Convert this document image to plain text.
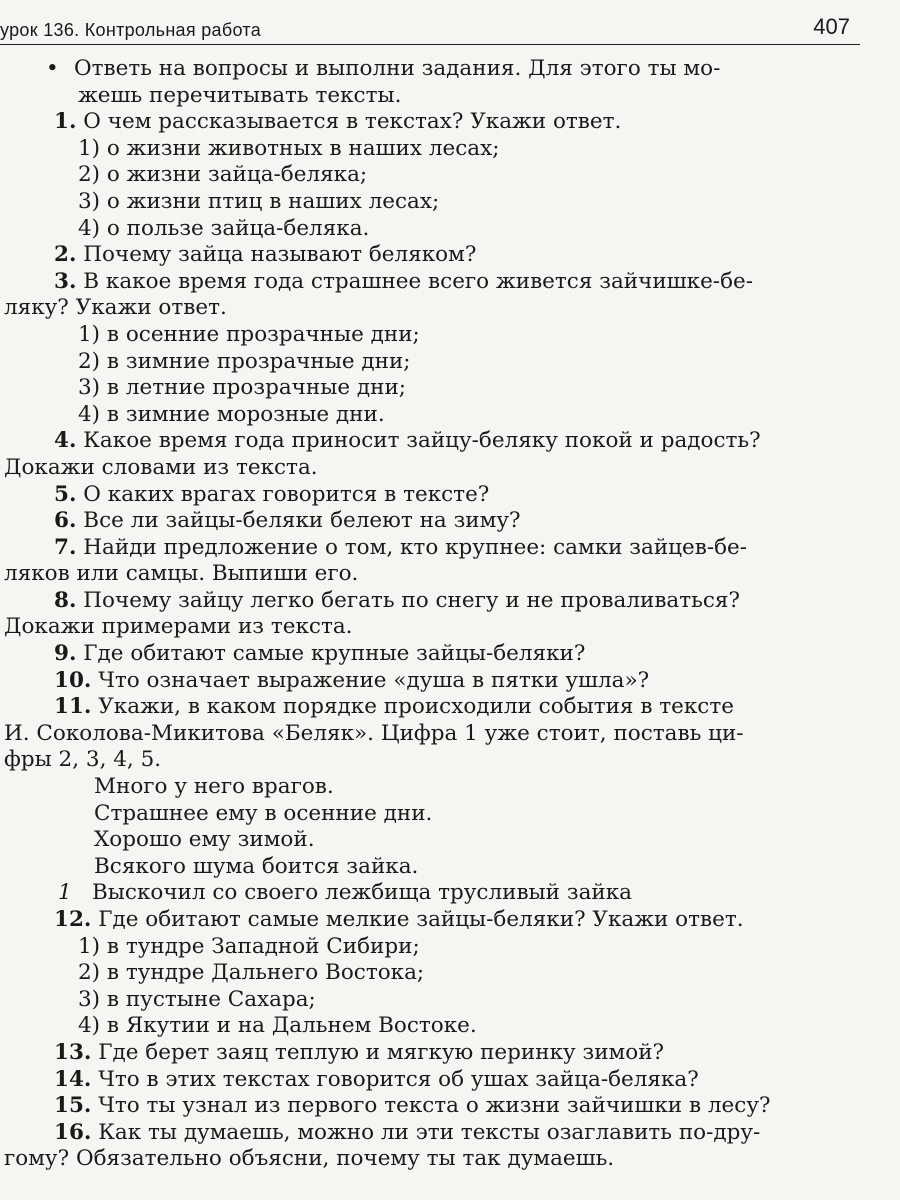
урок 136. Контрольная работа	407
• Ответь на вопросы и выполни задания. Для этого ты мо-
жешь перечитывать тексты.
1. О чем рассказывается в текстах? Укажи ответ.
1) о жизни животных в наших лесах;
2) о жизни зайца-беляка;
3) о жизни птиц в наших лесах;
4) о пользе зайца-беляка.
2. Почему зайца называют беляком?
3. В какое время года страшнее всего живется зайчишке-бе-
ляку? Укажи ответ.
1) в осенние прозрачные дни;
2) в зимние прозрачные дни;
3) в летние прозрачные дни;
4) в зимние морозные дни.
4. Какое время года приносит зайцу-беляку покой и радость?
Докажи словами из текста.
5. О каких врагах говорится в тексте?
6. Все ли зайцы-беляки белеют на зиму?
7. Найди предложение о том, кто крупнее: самки зайцев-бе-
ляков или самцы. Выпиши его.
8. Почему зайцу легко бегать по снегу и не проваливаться?
Докажи примерами из текста.
9. Где обитают самые крупные зайцы-беляки?
10. Что означает выражение «душа в пятки ушла»?
11. Укажи, в каком порядке происходили события в тексте
И. Соколова-Микитова «Беляк». Цифра 1 уже стоит, поставь ци-
фры 2, 3, 4, 5.
Много у него врагов.
Страшнее ему в осенние дни.
Хорошо ему зимой.
Всякого шума боится зайка.
1 Выскочил со своего лежбища трусливый зайка
12. Где обитают самые мелкие зайцы-беляки? Укажи ответ.
1) в тундре Западной Сибири;
2) в тундре Дальнего Востока;
3) в пустыне Сахара;
4) в Якутии и на Дальнем Востоке.
13. Где берет заяц теплую и мягкую перинку зимой?
14. Что в этих текстах говорится об ушах зайца-беляка?
15. Что ты узнал из первого текста о жизни зайчишки в лесу?
16. Как ты думаешь, можно ли эти тексты озаглавить по-дру-
гому? Обязательно объясни, почему ты так думаешь.
